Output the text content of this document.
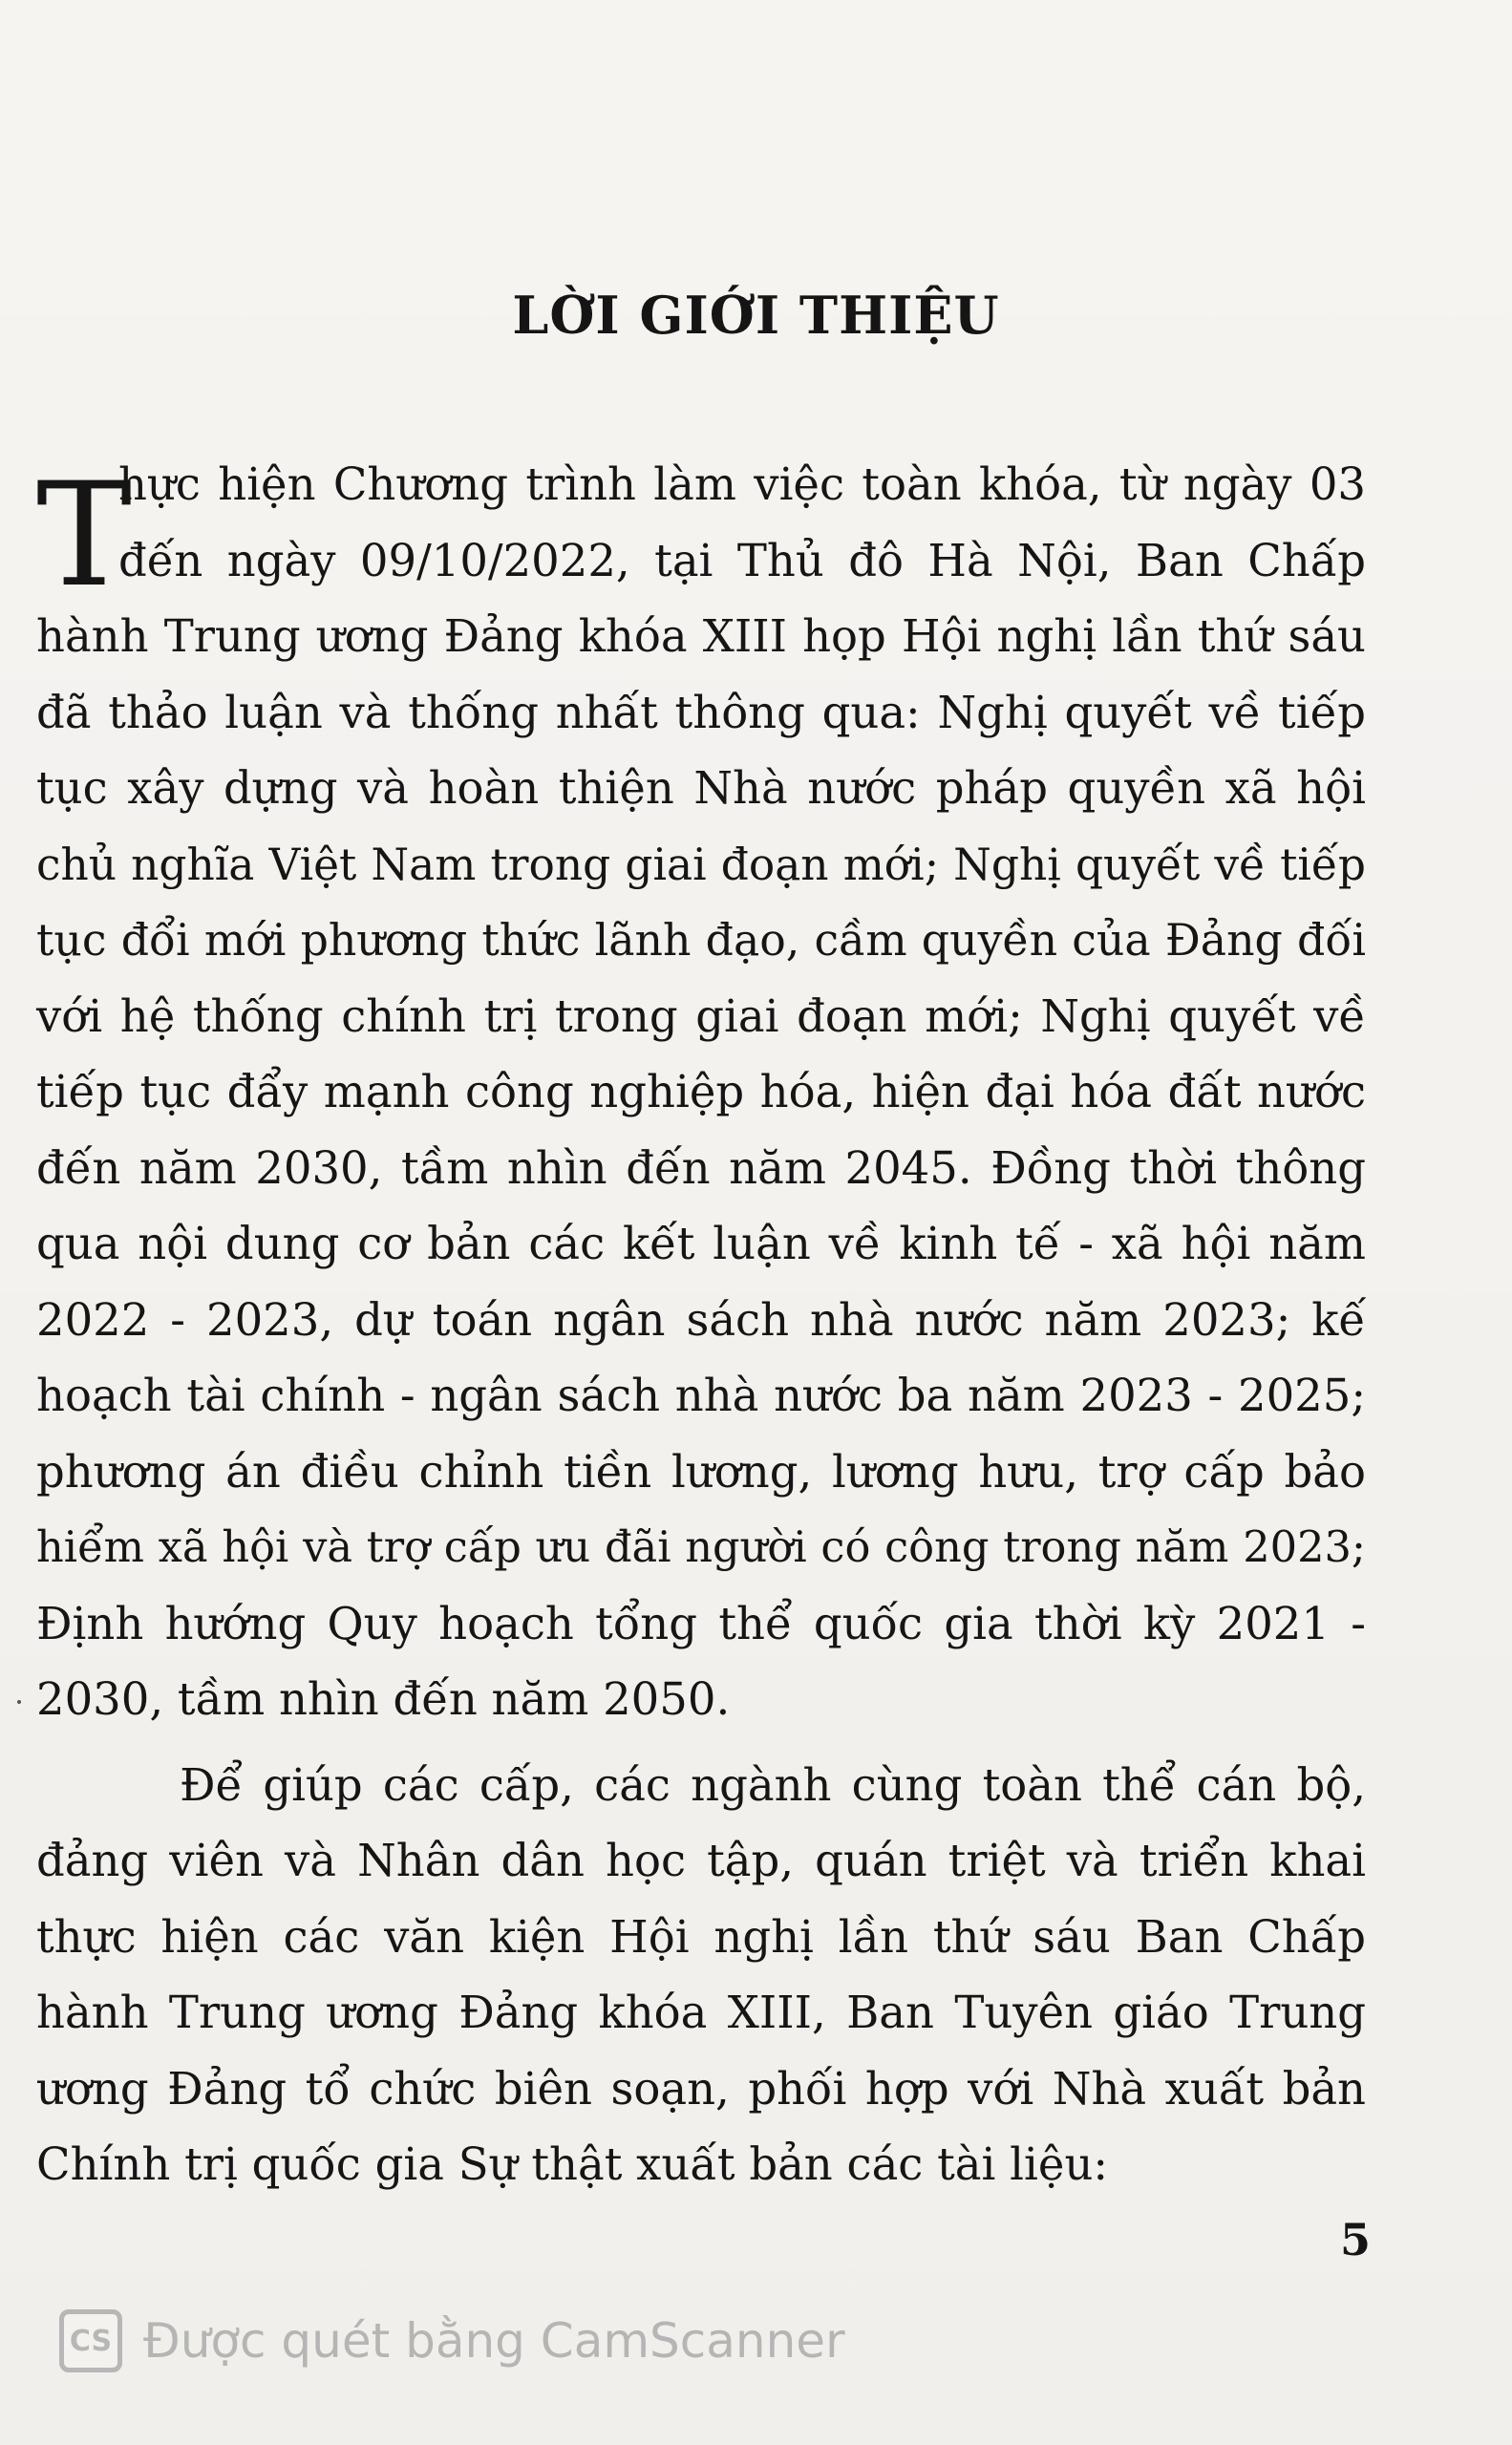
LỜI GIỚI THIỆU
T
hực hiện Chương trình làm việc toàn khóa, từ ngày 03
đến ngày 09/10/2022, tại Thủ đô Hà Nội, Ban Chấp
hành Trung ương Đảng khóa XIII họp Hội nghị lần thứ sáu
đã thảo luận và thống nhất thông qua: Nghị quyết về tiếp
tục xây dựng và hoàn thiện Nhà nước pháp quyền xã hội
chủ nghĩa Việt Nam trong giai đoạn mới; Nghị quyết về tiếp
tục đổi mới phương thức lãnh đạo, cầm quyền của Đảng đối
với hệ thống chính trị trong giai đoạn mới; Nghị quyết về
tiếp tục đẩy mạnh công nghiệp hóa, hiện đại hóa đất nước
đến năm 2030, tầm nhìn đến năm 2045. Đồng thời thông
qua nội dung cơ bản các kết luận về kinh tế - xã hội năm
2022 - 2023, dự toán ngân sách nhà nước năm 2023; kế
hoạch tài chính - ngân sách nhà nước ba năm 2023 - 2025;
phương án điều chỉnh tiền lương, lương hưu, trợ cấp bảo
hiểm xã hội và trợ cấp ưu đãi người có công trong năm 2023;
Định hướng Quy hoạch tổng thể quốc gia thời kỳ 2021 -
2030, tầm nhìn đến năm 2050.
Để giúp các cấp, các ngành cùng toàn thể cán bộ,
đảng viên và Nhân dân học tập, quán triệt và triển khai
thực hiện các văn kiện Hội nghị lần thứ sáu Ban Chấp
hành Trung ương Đảng khóa XIII, Ban Tuyên giáo Trung
ương Đảng tổ chức biên soạn, phối hợp với Nhà xuất bản
Chính trị quốc gia Sự thật xuất bản các tài liệu:
5
CS Được quét bằng CamScanner
